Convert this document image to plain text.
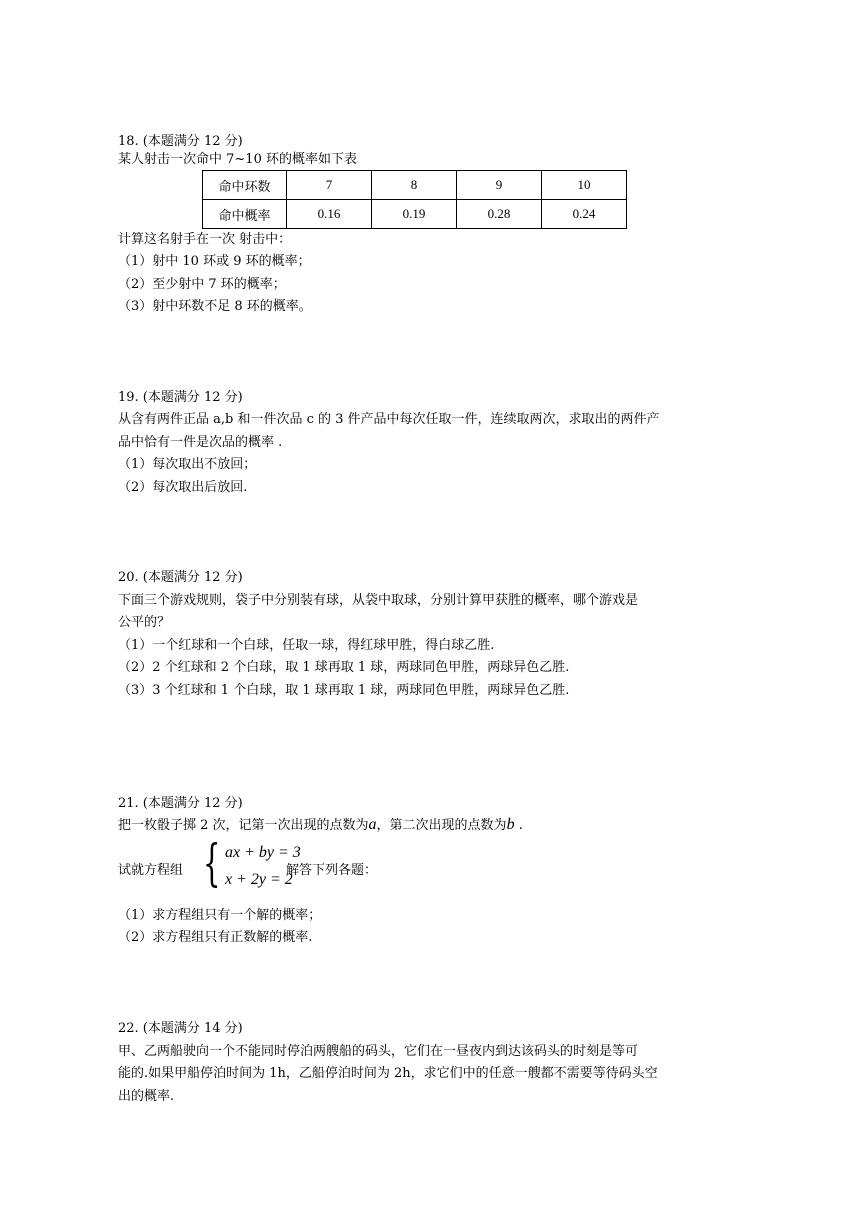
18. (本题满分 12 分)
某人射击一次命中 7~10 环的概率如下表
命中环数	7	8	9	10
命中概率	0.16	0.19	0.28	0.24
计算这名射手在一次 射击中：
（1）射中 10 环或 9 环的概率；
（2）至少射中 7 环的概率；
（3）射中环数不足 8 环的概率。
19. (本题满分 12 分)
从含有两件正品 a,b 和一件次品 c 的 3 件产品中每次任取一件，连续取两次，求取出的两件产
品中恰有一件是次品的概率 .
（1）每次取出不放回；
（2）每次取出后放回.
20. (本题满分 12 分)
下面三个游戏规则，袋子中分别装有球，从袋中取球，分别计算甲获胜的概率，哪个游戏是
公平的？
（1）一个红球和一个白球，任取一球，得红球甲胜，得白球乙胜.
（2）2 个红球和 2 个白球，取 1 球再取 1 球，两球同色甲胜，两球异色乙胜.
（3）3 个红球和 1 个白球，取 1 球再取 1 球，两球同色甲胜，两球异色乙胜.
21. (本题满分 12 分)
把一枚骰子掷 2 次，记第一次出现的点数为a，第二次出现的点数为b .
试就方程组 { ax + by = 3
x + 2y = 2
解答下列各题：
（1）求方程组只有一个解的概率；
（2）求方程组只有正数解的概率.
22. (本题满分 14 分)
甲、乙两船驶向一个不能同时停泊两艘船的码头，它们在一昼夜内到达该码头的时刻是等可
能的.如果甲船停泊时间为 1h，乙船停泊时间为 2h，求它们中的任意一艘都不需要等待码头空
出的概率.
